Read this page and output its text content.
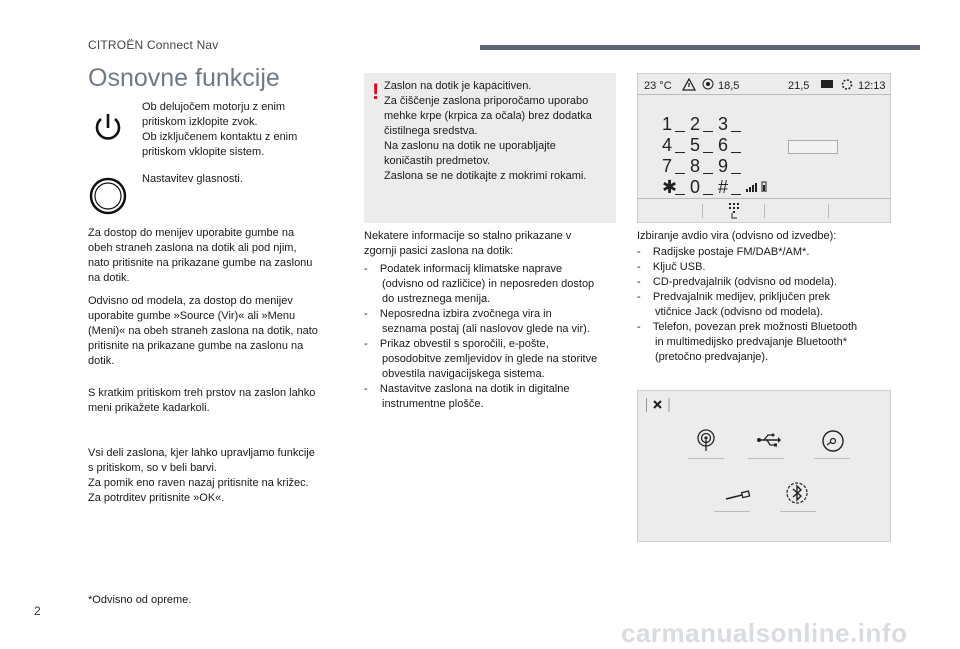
CITROËN Connect Nav
Osnovne funkcije

Ob delujočem motorju z enim
pritiskom izklopite zvok.
Ob izključenem kontaktu z enim
pritiskom vklopite sistem.

Nastavitev glasnosti.

Za dostop do menijev uporabite gumbe na
obeh straneh zaslona na dotik ali pod njim,
nato pritisnite na prikazane gumbe na zaslonu
na dotik.

Odvisno od modela, za dostop do menijev
uporabite gumbe »Source (Vir)« ali »Menu
(Meni)« na obeh straneh zaslona na dotik, nato
pritisnite na prikazane gumbe na zaslonu na
dotik.

S kratkim pritiskom treh prstov na zaslon lahko
meni prikažete kadarkoli.

Vsi deli zaslona, kjer lahko upravljamo funkcije
s pritiskom, so v beli barvi.
Za pomik eno raven nazaj pritisnite na križec.
Za potrditev pritisnite »OK«.

*Odvisno od opreme.

! Zaslon na dotik je kapacitiven.
Za čiščenje zaslona priporočamo uporabo
mehke krpe (krpica za očala) brez dodatka
čistilnega sredstva.
Na zaslonu na dotik ne uporabljajte
koničastih predmetov.
Zaslona se ne dotikajte z mokrimi rokami.

Nekatere informacije so stalno prikazane v
zgornji pasici zaslona na dotik:

-    Podatek informacij klimatske naprave
(odvisno od različice) in neposreden dostop
do ustreznega menija.

-    Neposredna izbira zvočnega vira in
seznama postaj (ali naslovov glede na vir).

-    Prikaz obvestil s sporočili, e-pošte,
posodobitve zemljevidov in glede na storitve
obvestila navigacijskega sistema.

-    Nastavitve zaslona na dotik in digitalne
instrumentne plošče.

23 °C	18,5	21,5	12:13
1 2 3
4 5 6
7 8 9
✱ 0 #

Izbiranje avdio vira (odvisno od izvedbe):

-    Radijske postaje FM/DAB*/AM*.

-    Ključ USB.

-    CD-predvajalnik (odvisno od modela).

-    Predvajalnik medijev, priključen prek
vtičnice Jack (odvisno od modela).

-    Telefon, povezan prek možnosti Bluetooth
in multimedijsko predvajanje Bluetooth*
(pretočno predvajanje).

2
carmanualsonline.info
